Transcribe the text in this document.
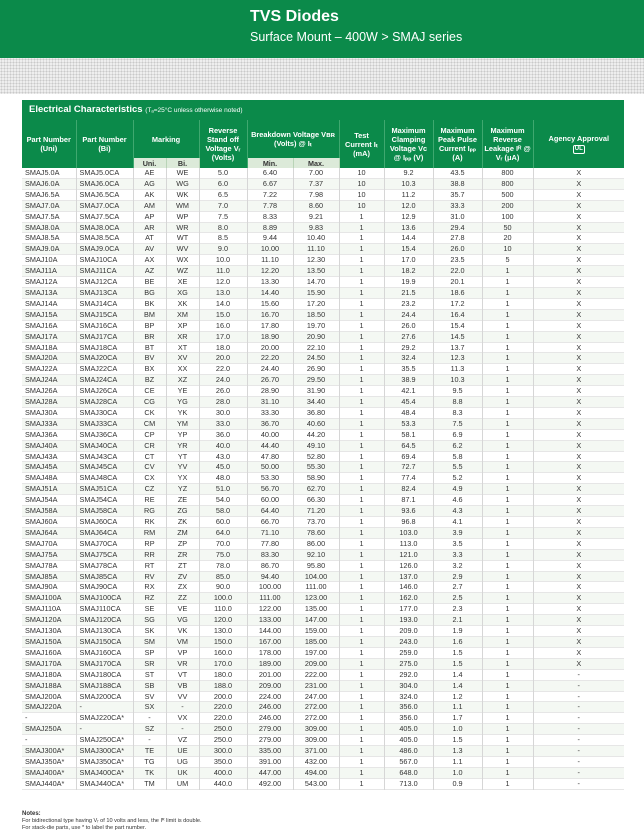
TVS Diodes
Surface Mount – 400W > SMAJ series
Electrical Characteristics (Tₐ=25°C unless otherwise noted)
Part Number (Uni)	Part Number (Bi)	Marking		Reverse Stand off Voltage Vᵣ (Volts)	Breakdown Voltage Vʙʀ (Volts) @ Iₜ		Test Current Iₜ (mA)	Maximum Clamping Voltage Vᴄ @ Iₚₚ (V)	Maximum Peak Pulse Current Iₚₚ (A)	Maximum Reverse Leakage Iᴿ @ Vᵣ (μA)	Agency Approval
UL
		Uni.	Bi.		Min.	Max.					
SMAJ5.0A	SMAJ5.0CA	AE	WE	5.0	6.40	7.00	10	9.2	43.5	800	X
SMAJ6.0A	SMAJ6.0CA	AG	WG	6.0	6.67	7.37	10	10.3	38.8	800	X
SMAJ6.5A	SMAJ6.5CA	AK	WK	6.5	7.22	7.98	10	11.2	35.7	500	X
SMAJ7.0A	SMAJ7.0CA	AM	WM	7.0	7.78	8.60	10	12.0	33.3	200	X
SMAJ7.5A	SMAJ7.5CA	AP	WP	7.5	8.33	9.21	1	12.9	31.0	100	X
SMAJ8.0A	SMAJ8.0CA	AR	WR	8.0	8.89	9.83	1	13.6	29.4	50	X
SMAJ8.5A	SMAJ8.5CA	AT	WT	8.5	9.44	10.40	1	14.4	27.8	20	X
SMAJ9.0A	SMAJ9.0CA	AV	WV	9.0	10.00	11.10	1	15.4	26.0	10	X
SMAJ10A	SMAJ10CA	AX	WX	10.0	11.10	12.30	1	17.0	23.5	5	X
SMAJ11A	SMAJ11CA	AZ	WZ	11.0	12.20	13.50	1	18.2	22.0	1	X
SMAJ12A	SMAJ12CA	BE	XE	12.0	13.30	14.70	1	19.9	20.1	1	X
SMAJ13A	SMAJ13CA	BG	XG	13.0	14.40	15.90	1	21.5	18.6	1	X
SMAJ14A	SMAJ14CA	BK	XK	14.0	15.60	17.20	1	23.2	17.2	1	X
SMAJ15A	SMAJ15CA	BM	XM	15.0	16.70	18.50	1	24.4	16.4	1	X
SMAJ16A	SMAJ16CA	BP	XP	16.0	17.80	19.70	1	26.0	15.4	1	X
SMAJ17A	SMAJ17CA	BR	XR	17.0	18.90	20.90	1	27.6	14.5	1	X
SMAJ18A	SMAJ18CA	BT	XT	18.0	20.00	22.10	1	29.2	13.7	1	X
SMAJ20A	SMAJ20CA	BV	XV	20.0	22.20	24.50	1	32.4	12.3	1	X
SMAJ22A	SMAJ22CA	BX	XX	22.0	24.40	26.90	1	35.5	11.3	1	X
SMAJ24A	SMAJ24CA	BZ	XZ	24.0	26.70	29.50	1	38.9	10.3	1	X
SMAJ26A	SMAJ26CA	CE	YE	26.0	28.90	31.90	1	42.1	9.5	1	X
SMAJ28A	SMAJ28CA	CG	YG	28.0	31.10	34.40	1	45.4	8.8	1	X
SMAJ30A	SMAJ30CA	CK	YK	30.0	33.30	36.80	1	48.4	8.3	1	X
SMAJ33A	SMAJ33CA	CM	YM	33.0	36.70	40.60	1	53.3	7.5	1	X
SMAJ36A	SMAJ36CA	CP	YP	36.0	40.00	44.20	1	58.1	6.9	1	X
SMAJ40A	SMAJ40CA	CR	YR	40.0	44.40	49.10	1	64.5	6.2	1	X
SMAJ43A	SMAJ43CA	CT	YT	43.0	47.80	52.80	1	69.4	5.8	1	X
SMAJ45A	SMAJ45CA	CV	YV	45.0	50.00	55.30	1	72.7	5.5	1	X
SMAJ48A	SMAJ48CA	CX	YX	48.0	53.30	58.90	1	77.4	5.2	1	X
SMAJ51A	SMAJ51CA	CZ	YZ	51.0	56.70	62.70	1	82.4	4.9	1	X
SMAJ54A	SMAJ54CA	RE	ZE	54.0	60.00	66.30	1	87.1	4.6	1	X
SMAJ58A	SMAJ58CA	RG	ZG	58.0	64.40	71.20	1	93.6	4.3	1	X
SMAJ60A	SMAJ60CA	RK	ZK	60.0	66.70	73.70	1	96.8	4.1	1	X
SMAJ64A	SMAJ64CA	RM	ZM	64.0	71.10	78.60	1	103.0	3.9	1	X
SMAJ70A	SMAJ70CA	RP	ZP	70.0	77.80	86.00	1	113.0	3.5	1	X
SMAJ75A	SMAJ75CA	RR	ZR	75.0	83.30	92.10	1	121.0	3.3	1	X
SMAJ78A	SMAJ78CA	RT	ZT	78.0	86.70	95.80	1	126.0	3.2	1	X
SMAJ85A	SMAJ85CA	RV	ZV	85.0	94.40	104.00	1	137.0	2.9	1	X
SMAJ90A	SMAJ90CA	RX	ZX	90.0	100.00	111.00	1	146.0	2.7	1	X
SMAJ100A	SMAJ100CA	RZ	ZZ	100.0	111.00	123.00	1	162.0	2.5	1	X
SMAJ110A	SMAJ110CA	SE	VE	110.0	122.00	135.00	1	177.0	2.3	1	X
SMAJ120A	SMAJ120CA	SG	VG	120.0	133.00	147.00	1	193.0	2.1	1	X
SMAJ130A	SMAJ130CA	SK	VK	130.0	144.00	159.00	1	209.0	1.9	1	X
SMAJ150A	SMAJ150CA	SM	VM	150.0	167.00	185.00	1	243.0	1.6	1	X
SMAJ160A	SMAJ160CA	SP	VP	160.0	178.00	197.00	1	259.0	1.5	1	X
SMAJ170A	SMAJ170CA	SR	VR	170.0	189.00	209.00	1	275.0	1.5	1	X
SMAJ180A	SMAJ180CA	ST	VT	180.0	201.00	222.00	1	292.0	1.4	1	-
SMAJ188A	SMAJ188CA	SB	VB	188.0	209.00	231.00	1	304.0	1.4	1	-
SMAJ200A	SMAJ200CA	SV	VV	200.0	224.00	247.00	1	324.0	1.2	1	-
SMAJ220A	-	SX	-	220.0	246.00	272.00	1	356.0	1.1	1	-
-	SMAJ220CA*	-	VX	220.0	246.00	272.00	1	356.0	1.7	1	-
SMAJ250A	-	SZ	-	250.0	279.00	309.00	1	405.0	1.0	1	-
-	SMAJ250CA*	-	VZ	250.0	279.00	309.00	1	405.0	1.5	1	-
SMAJ300A*	SMAJ300CA*	TE	UE	300.0	335.00	371.00	1	486.0	1.3	1	-
SMAJ350A*	SMAJ350CA*	TG	UG	350.0	391.00	432.00	1	567.0	1.1	1	-
SMAJ400A*	SMAJ400CA*	TK	UK	400.0	447.00	494.00	1	648.0	1.0	1	-
SMAJ440A*	SMAJ440CA*	TM	UM	440.0	492.00	543.00	1	713.0	0.9	1	-
Notes:
For bidirectional type having Vᵣ of 10 volts and less, the Iᴿ limit is double.
For stack-die parts, use * to label the part number.
